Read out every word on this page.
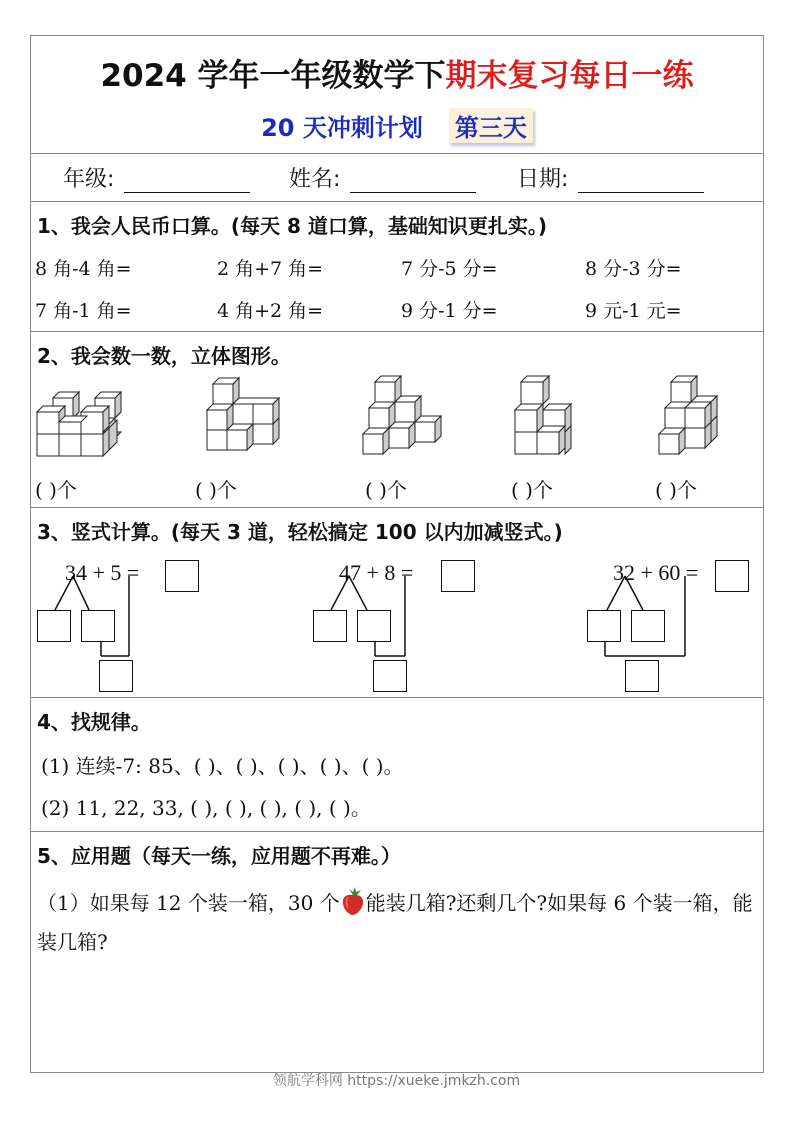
2024 学年一年级数学下期末复习每日一练
20 天冲刺计划 第三天
年级:	姓名:	日期:
1、我会人民币口算。(每天 8 道口算，基础知识更扎实。)
8 角-4 角=	2 角+7 角=	7 分-5 分=	8 分-3 分=
7 角-1 角=	4 角+2 角=	9 分-1 分=	9 元-1 元=
2、我会数一数，立体图形。
( )个	( )个	( )个	( )个	( )个
3、竖式计算。(每天 3 道，轻松搞定 100 以内加减竖式。)
34 + 5 =	47 + 8 =	32 + 60 =
4、找规律。
(1) 连续-7: 85、( )、( )、( )、( )、( )。
(2) 11, 22, 33, ( ), ( ), ( ), ( ), ( )。
5、应用题（每天一练，应用题不再难。）
（1）如果每 12 个装一箱，30 个 能装几箱?还剩几个?如果每 6 个装一箱，能装几箱?
领航学科网 https://xueke.jmkzh.com
